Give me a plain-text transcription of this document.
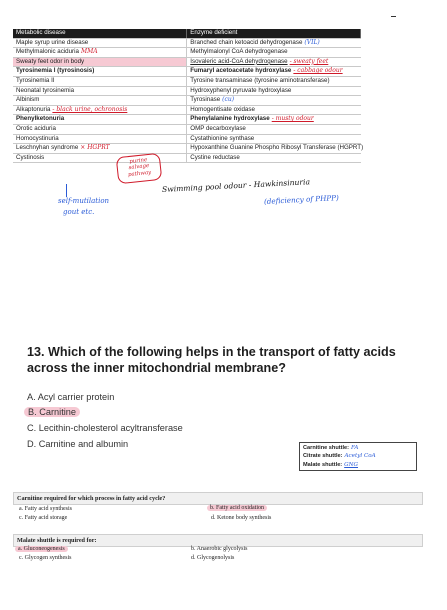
Metabolic disease	Enzyme deficient
Maple syrup urine disease	Branched chain ketoacid dehydrogenase (VIL)
Methylmalonic aciduria MMA	Methylmalonyl CoA dehydrogenase
Sweaty feet odor in body	Isovaleric acid-CoA dehydrogenase - sweaty feet
Tyrosinemia I (tyrosinosis)	Fumaryl acetoacetate hydroxylase - cabbage odour
Tyrosinemia II	Tyrosine transaminase (tyrosine aminotransferase)
Neonatal tyrosinemia	Hydroxyphenyl pyruvate hydroxylase
Albinism	Tyrosinase (cu)
Alkaptonuria - black urine, ochronosis	Homogentisate oxidase
Phenylketonuria	Phenylalanine hydroxylase - musty odour
Orotic aciduria	OMP decarboxylase
Homocystinuria	Cystathionine synthase
Leschnyhan syndrome × HGPRT	Hypoxanthine Guanine Phospho Ribosyl Transferase (HGPRT)
Cystinosis	Cystine reductase
purine salvage pathway
self-mutilation
gout etc.
Swimming pool odour - Hawkinsinuria
(deficiency of PHPP)
13. Which of the following helps in the transport of fatty acids across the inner mitochondrial membrane?
A. Acyl carrier protein
B. Carnitine
C. Lecithin-cholesterol acyltransferase
D. Carnitine and albumin	Carnitine shuttle: FA
Citrate shuttle: Acetyl CoA
Malate shuttle: GNG
Carnitine required for which process in fatty acid cycle?
a. Fatty acid synthesis	b. Fatty acid oxidation
c. Fatty acid storage	d. Ketone body synthesis
Malate shuttle is required for:
a. Gluconeogenesis	b. Anaerobic glycolysis
c. Glycogen synthesis	d. Glycogenolysis
